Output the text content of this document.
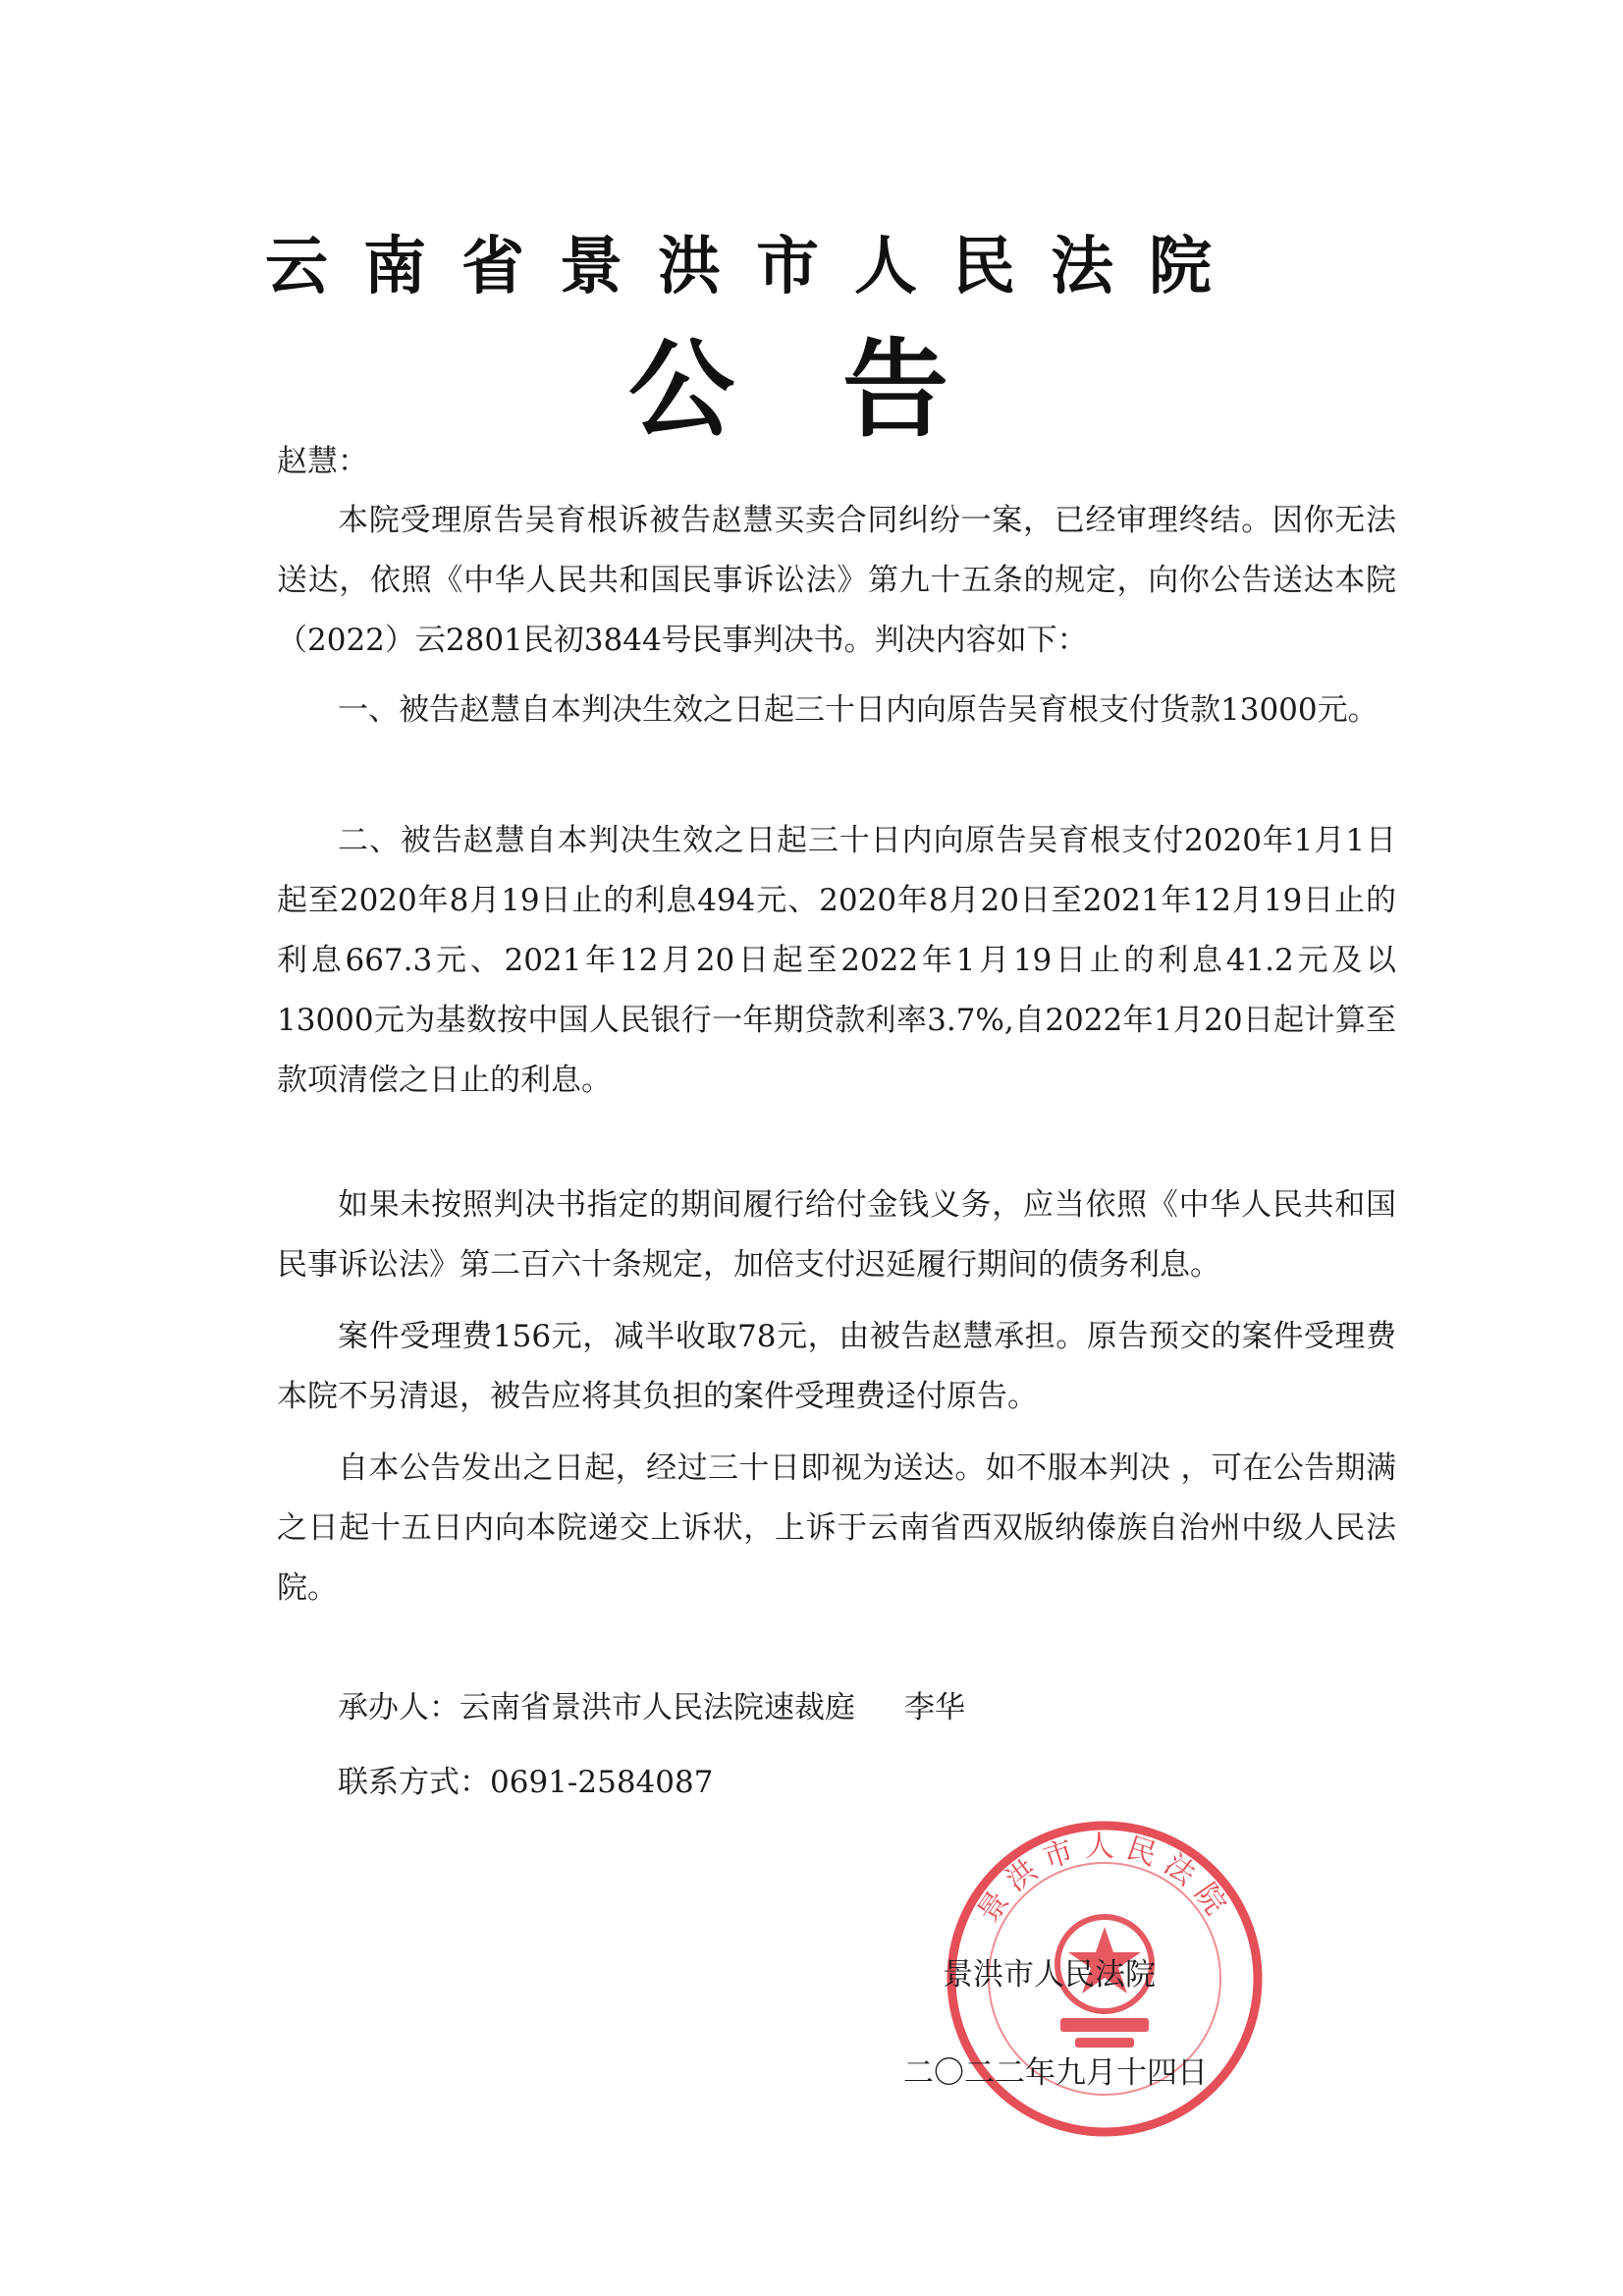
云南省景洪市人民法院
公告
赵慧：
本院受理原告吴育根诉被告赵慧买卖合同纠纷一案，已经审理终结。因你无法送达，依照《中华人民共和国民事诉讼法》第九十五条的规定，向你公告送达本院（2022）云2801民初3844号民事判决书。判决内容如下：
一、被告赵慧自本判决生效之日起三十日内向原告吴育根支付货款13000元。
二、被告赵慧自本判决生效之日起三十日内向原告吴育根支付2020年1月1日起至2020年8月19日止的利息494元、2020年8月20日至2021年12月19日止的利息667.3元、2021年12月20日起至2022年1月19日止的利息41.2元及以13000元为基数按中国人民银行一年期贷款利率3.7%,自2022年1月20日起计算至款项清偿之日止的利息。
如果未按照判决书指定的期间履行给付金钱义务，应当依照《中华人民共和国民事诉讼法》第二百六十条规定，加倍支付迟延履行期间的债务利息。
案件受理费156元，减半收取78元，由被告赵慧承担。原告预交的案件受理费本院不另清退，被告应将其负担的案件受理费迳付原告。
自本公告发出之日起，经过三十日即视为送达。如不服本判决 ，可在公告期满之日起十五日内向本院递交上诉状，上诉于云南省西双版纳傣族自治州中级人民法院。
承办人：云南省景洪市人民法院速裁庭 李华
联系方式：0691-2584087
景洪市人民法院
景洪市人民法院
二〇二二年九月十四日
